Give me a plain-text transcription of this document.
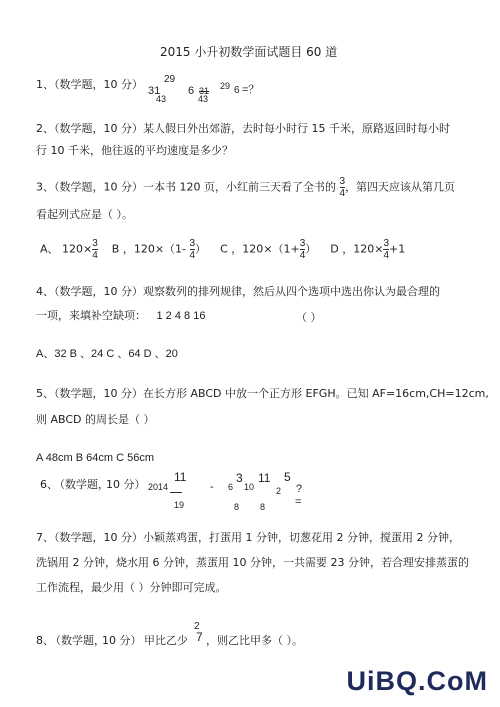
2015 小升初数学面试题目 60 道
1、（数学题，10 分） 31
29
43
6 31
43
29 6 =？
2、（数学题，10 分）某人假日外出郊游，去时每小时行 15 千米，原路返回时每小时
行 10 千米，他往返的平均速度是多少？
3、（数学题，10 分）一本书 120 页，小红前三天看了全书的 $\frac{3}{4}$ ，第四天应该从第几页
看起列式应是（ ）。
A、 $120\times \frac{3}{4}$ B ，$120\times(1- \frac{3}{4}$ ） C ，$120\times(1+ \frac{3}{4}$ ） D ，$120\times \frac{3}{4} +1$
4、（数学题，10 分）观察数列的排列规律，然后从四个选项中选出你认为最合理的
一项，来填补空缺项： 1 2 4 8 16	（ ）
A、32 B 、24 C 、64 D 、20
5、（数学题，10 分）在长方形 ABCD 中放一个正方形 EFGH。已知 AF=16cm,CH=12cm,
则 ABCD 的周长是（ ）
A 48cm B 64cm C 56cm
6、
（数学题，
10 分） 2014
11
19
- 6
3
10
8
11
8
2
5
?
=
7、（数学题，10 分）小颖蒸鸡蛋，打蛋用 1 分钟，切葱花用 2 分钟，搅蛋用 2 分钟，
洗锅用 2 分钟，烧水用 6 分钟，蒸蛋用 10 分钟，一共需要 23 分钟，若合理安排蒸蛋的
工作流程，最少用（ ）分钟即可完成。
8、
（数学题，
10 分） 甲比乙少
2
7 ，则乙比甲多（ ）。
UiBQ.CoM
